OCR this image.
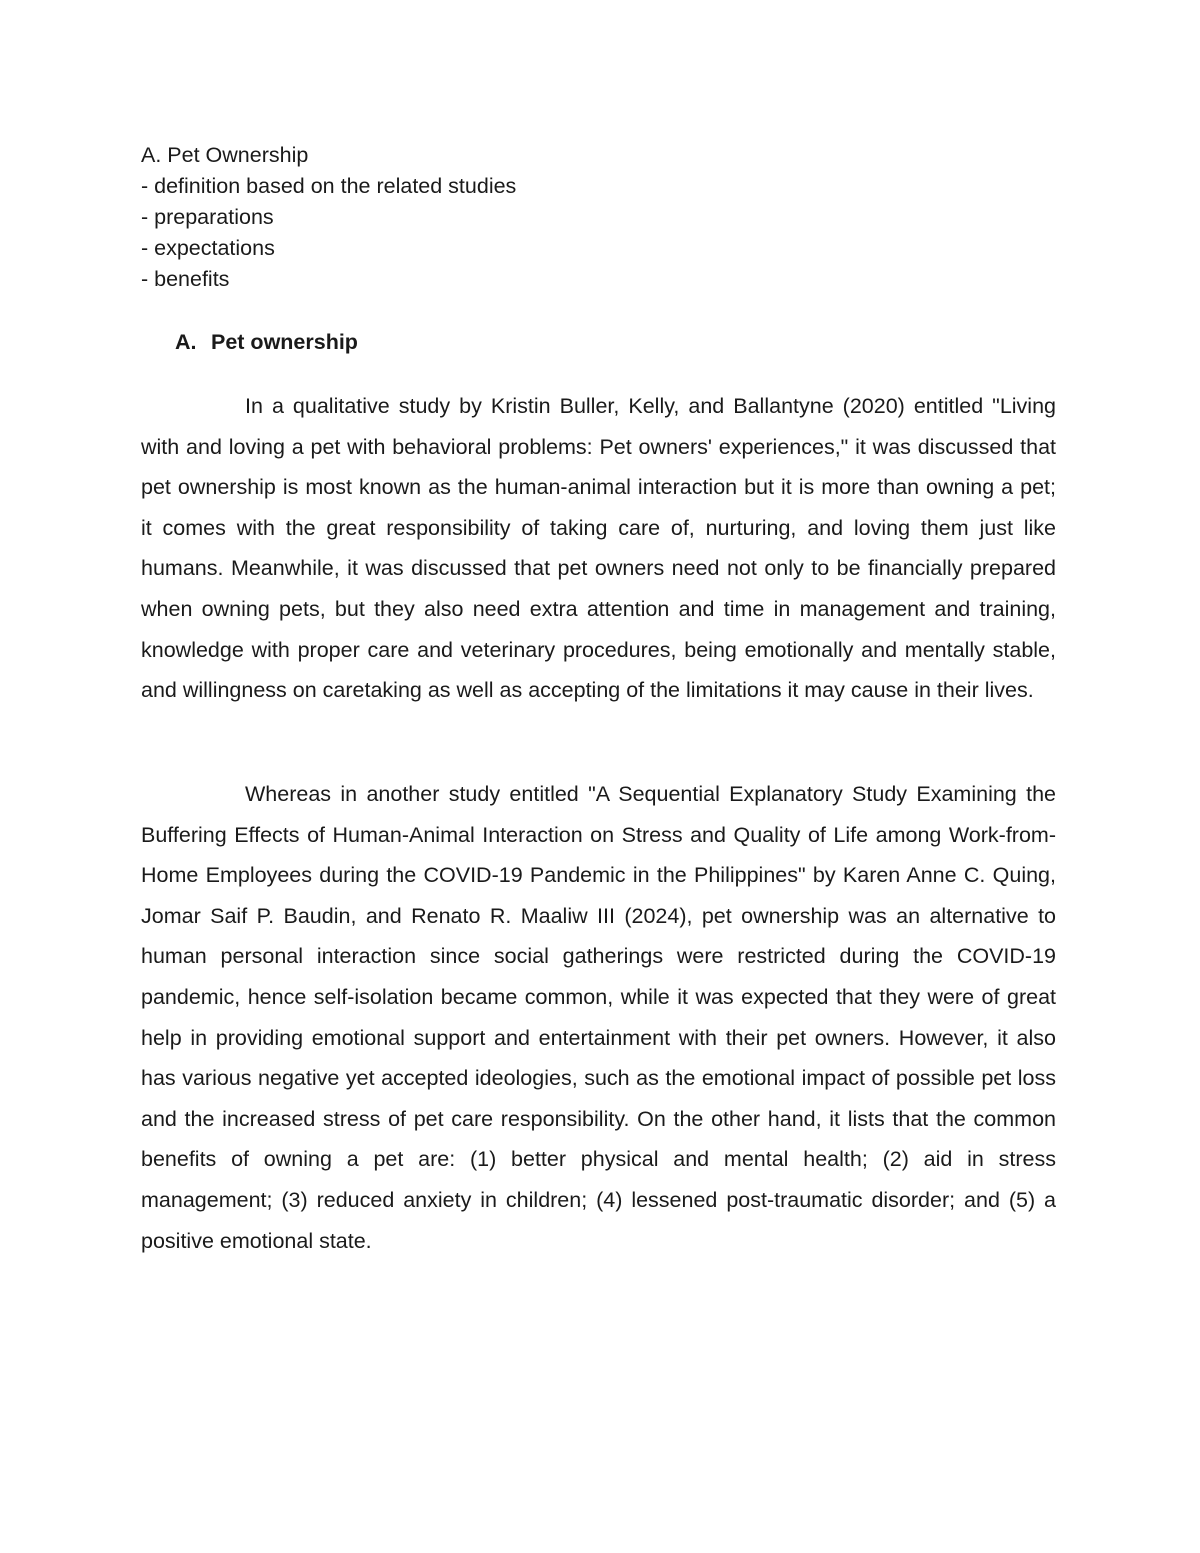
A. Pet Ownership
- definition based on the related studies
- preparations
- expectations
- benefits
A. Pet ownership

In a qualitative study by Kristin Buller, Kelly, and Ballantyne (2020) entitled "Living with and loving a pet with behavioral problems: Pet owners' experiences," it was discussed that pet ownership is most known as the human-animal interaction but it is more than owning a pet; it comes with the great responsibility of taking care of, nurturing, and loving them just like humans. Meanwhile, it was discussed that pet owners need not only to be financially prepared when owning pets, but they also need extra attention and time in management and training, knowledge with proper care and veterinary procedures, being emotionally and mentally stable, and willingness on caretaking as well as accepting of the limitations it may cause in their lives.

Whereas in another study entitled "A Sequential Explanatory Study Examining the Buffering Effects of Human-Animal Interaction on Stress and Quality of Life among Work-from-Home Employees during the COVID-19 Pandemic in the Philippines" by Karen Anne C. Quing, Jomar Saif P. Baudin, and Renato R. Maaliw III (2024), pet ownership was an alternative to human personal interaction since social gatherings were restricted during the COVID-19 pandemic, hence self-isolation became common, while it was expected that they were of great help in providing emotional support and entertainment with their pet owners. However, it also has various negative yet accepted ideologies, such as the emotional impact of possible pet loss and the increased stress of pet care responsibility. On the other hand, it lists that the common benefits of owning a pet are: (1) better physical and mental health; (2) aid in stress management; (3) reduced anxiety in children; (4) lessened post-traumatic disorder; and (5) a positive emotional state.
